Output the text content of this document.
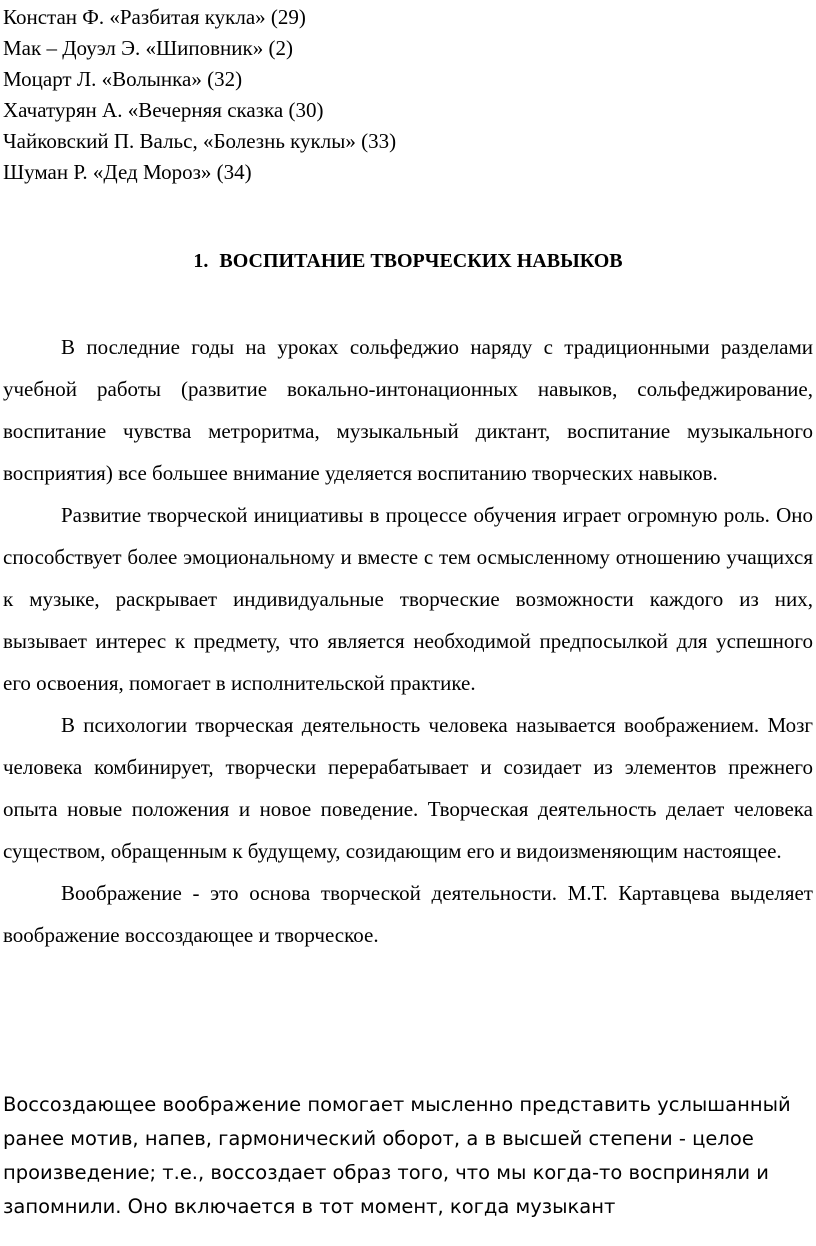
Констан Ф. «Разбитая кукла» (29)
Мак – Доуэл Э. «Шиповник» (2)
Моцарт Л. «Волынка» (32)
Хачатурян А. «Вечерняя сказка (30)
Чайковский П. Вальс, «Болезнь куклы» (33)
Шуман Р. «Дед Мороз» (34)
1. ВОСПИТАНИЕ ТВОРЧЕСКИХ НАВЫКОВ

В последние годы на уроках сольфеджио наряду с традиционными разделами учебной работы (развитие вокально-интонационных навыков, сольфеджирование, воспитание чувства метроритма, музыкальный диктант, воспитание музыкального восприятия) все большее внимание уделяется воспитанию творческих навыков.

Развитие творческой инициативы в процессе обучения играет огромную роль. Оно способствует более эмоциональному и вместе с тем осмысленному отношению учащихся к музыке, раскрывает индивидуальные творческие возможности каждого из них, вызывает интерес к предмету, что является необходимой предпосылкой для успешного его освоения, помогает в исполнительской практике.

В психологии творческая деятельность человека называется воображением. Мозг человека комбинирует, творчески перерабатывает и созидает из элементов прежнего опыта новые положения и новое поведение. Творческая деятельность делает человека существом, обращенным к будущему, созидающим его и видоизменяющим настоящее.

Воображение - это основа творческой деятельности. М.Т. Картавцева выделяет воображение воссоздающее и творческое.

Воссоздающее воображение помогает мысленно представить услышанный ранее мотив, напев, гармонический оборот, а в высшей степени - целое произведение; т.е., воссоздает образ того, что мы когда-то восприняли и запомнили. Оно включается в тот момент, когда музыкант
